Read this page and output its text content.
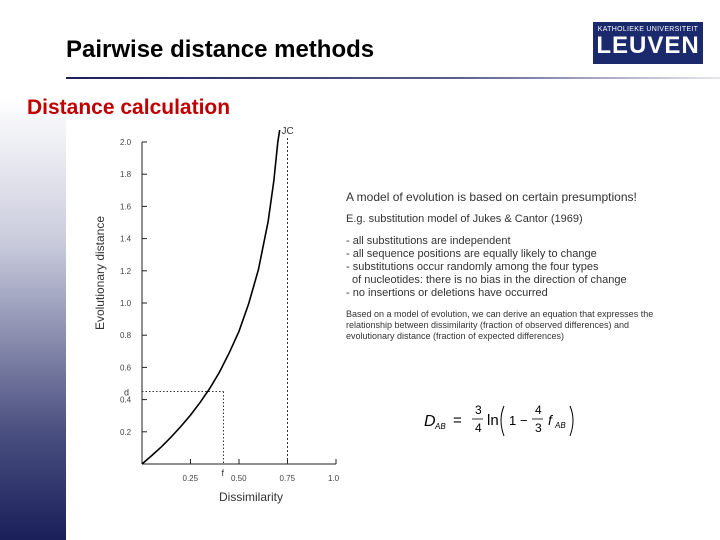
Pairwise distance methods
Distance calculation
KATHOLIEKE UNIVERSITEIT
LEUVEN
0.2
0.4
0.6
0.8
1.0
1.2
1.4
1.6
1.8
2.0
0.25	0.50	0.75	1.0
JC
d
f
Dissimilarity
Evolutionary distance
A model of evolution is based on certain presumptions!
E.g. substitution model of Jukes & Cantor (1969)
- all substitutions are independent
- all sequence positions are equally likely to change
- substitutions occur randomly among the four types
of nucleotides: there is no bias in the direction of change
- no insertions or deletions have occurred
Based on a model of evolution, we can derive an equation that expresses the relationship between dissimilarity (fraction of observed differences) and evolutionary distance (fraction of expected differences)
D AB =
3
4 ln 1 −
4
3 f AB
